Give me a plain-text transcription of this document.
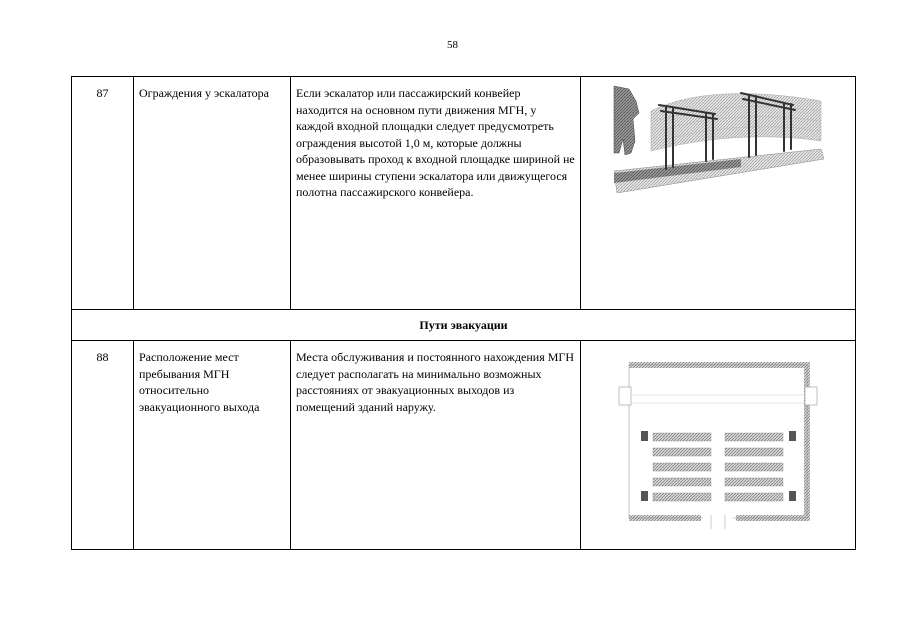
58
87	Ограждения у эскалатора	Если эскалатор или пассажирский конвейер находится на основном пути движения МГН, у каждой входной площадки следует предусмотреть ограждения высотой 1,0 м, которые должны образовывать проход к входной площадке шириной не менее ширины ступени эскалатора или движущегося полотна пассажирского конвейера.	

Пути эвакуации			
88	Расположение мест пребывания МГН относительно эвакуационного выхода	Места обслуживания и постоянного нахождения МГН следует располагать на минимально возможных расстояниях от эвакуационных выходов из помещений зданий наружу.	
